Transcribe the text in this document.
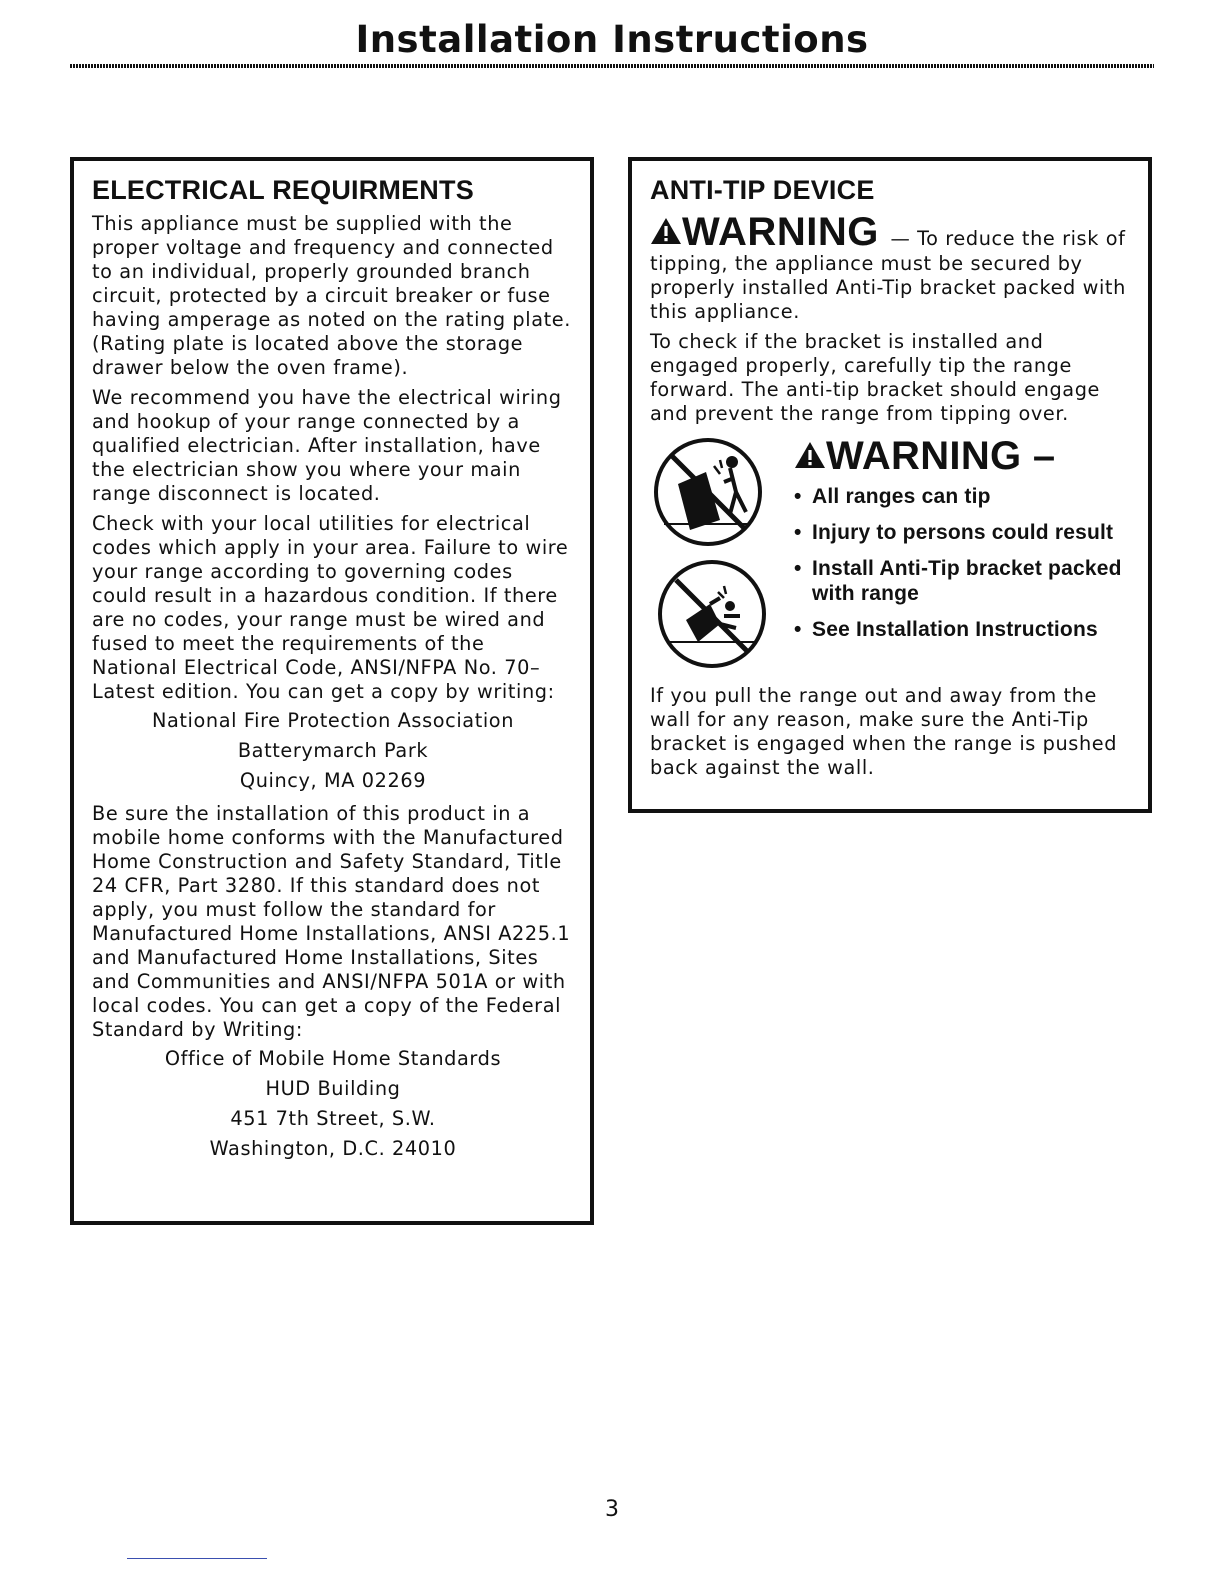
Installation Instructions
ELECTRICAL REQUIRMENTS

This appliance must be supplied with the proper voltage and frequency and connected to an individual, properly grounded branch circuit, protected by a circuit breaker or fuse having amperage as noted on the rating plate. (Rating plate is located above the storage drawer below the oven frame).

We recommend you have the electrical wiring and hookup of your range connected by a qualified electrician. After installation, have the electrician show you where your main range disconnect is located.

Check with your local utilities for electrical codes which apply in your area. Failure to wire your range according to governing codes could result in a hazardous condition. If there are no codes, your range must be wired and fused to meet the requirements of the National Electrical Code, ANSI/NFPA No. 70–Latest edition. You can get a copy by writing:

National Fire Protection Association
Batterymarch Park
Quincy, MA 02269

Be sure the installation of this product in a mobile home conforms with the Manufactured Home Construction and Safety Standard, Title 24 CFR, Part 3280. If this standard does not apply, you must follow the standard for Manufactured Home Installations, ANSI A225.1 and Manufactured Home Installations, Sites and Communities and ANSI/NFPA 501A or with local codes. You can get a copy of the Federal Standard by Writing:

Office of Mobile Home Standards
HUD Building
451 7th Street, S.W.
Washington, D.C. 24010
ANTI-TIP DEVICE

WARNING — To reduce the risk of tipping, the appliance must be secured by properly installed Anti-Tip bracket packed with this appliance.

To check if the bracket is installed and engaged properly, carefully tip the range forward. The anti-tip bracket should engage and prevent the range from tipping over.

WARNING –
• All ranges can tip
• Injury to persons could result
• Install Anti-Tip bracket packed with range
• See Installation Instructions

If you pull the range out and away from the wall for any reason, make sure the Anti-Tip bracket is engaged when the range is pushed back against the wall.

3
